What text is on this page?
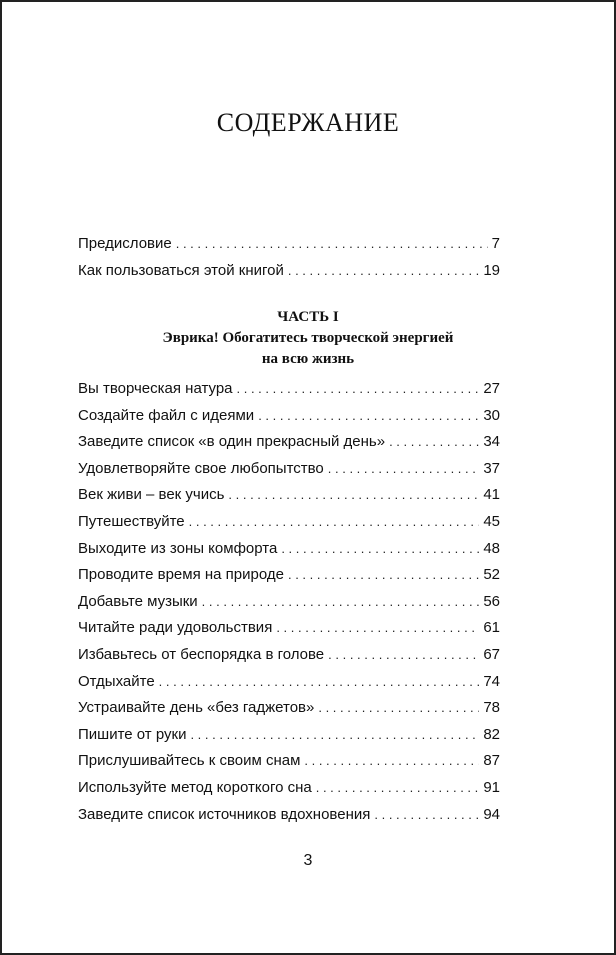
СОДЕРЖАНИЕ
Предисловие . . .	7
Как пользоваться этой книгой . . .	19
ЧАСТЬ I
Эврика! Обогатитесь творческой энергией
на всю жизнь
Вы творческая натура . . .	27
Создайте файл с идеями . . .	30
Заведите список «в один прекрасный день» . . .	34
Удовлетворяйте свое любопытство . . .	37
Век живи – век учись . . .	41
Путешествуйте . . .	45
Выходите из зоны комфорта . . .	48
Проводите время на природе . . .	52
Добавьте музыки . . .	56
Читайте ради удовольствия . . .	61
Избавьтесь от беспорядка в голове . . .	67
Отдыхайте . . .	74
Устраивайте день «без гаджетов» . . .	78
Пишите от руки . . .	82
Прислушивайтесь к своим снам . . .	87
Используйте метод короткого сна . . .	91
Заведите список источников вдохновения . . .	94
3
